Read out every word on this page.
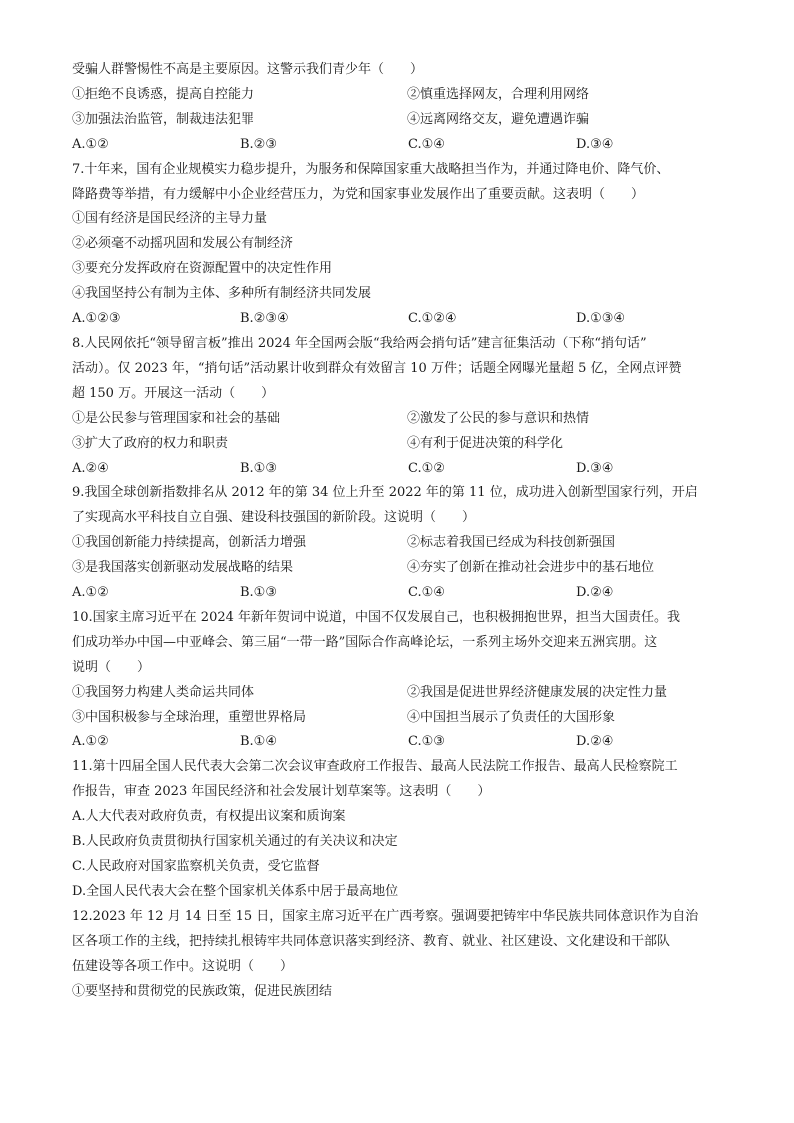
受骗人群警惕性不高是主要原因。这警示我们青少年（　　）
①拒绝不良诱惑，提高自控能力	②慎重选择网友，合理利用网络
③加强法治监管，制裁违法犯罪	④远离网络交友，避免遭遇诈骗
A.①②	B.②③	C.①④	D.③④
7.十年来，国有企业规模实力稳步提升，为服务和保障国家重大战略担当作为，并通过降电价、降气价、
降路费等举措，有力缓解中小企业经营压力，为党和国家事业发展作出了重要贡献。这表明（　　）
①国有经济是国民经济的主导力量
②必须毫不动摇巩固和发展公有制经济
③要充分发挥政府在资源配置中的决定性作用
④我国坚持公有制为主体、多种所有制经济共同发展
A.①②③	B.②③④	C.①②④	D.①③④
8.人民网依托“领导留言板”推出 2024 年全国两会版“我给两会捎句话”建言征集活动（下称“捎句话”
活动）。仅 2023 年，“捎句话”活动累计收到群众有效留言 10 万件；话题全网曝光量超 5 亿，全网点评赞
超 150 万。开展这一活动（　　）
①是公民参与管理国家和社会的基础	②激发了公民的参与意识和热情
③扩大了政府的权力和职责	④有利于促进决策的科学化
A.②④	B.①③	C.①②	D.③④
9.我国全球创新指数排名从 2012 年的第 34 位上升至 2022 年的第 11 位，成功进入创新型国家行列，开启
了实现高水平科技自立自强、建设科技强国的新阶段。这说明（　　）
①我国创新能力持续提高，创新活力增强	②标志着我国已经成为科技创新强国
③是我国落实创新驱动发展战略的结果	④夯实了创新在推动社会进步中的基石地位
A.①②	B.①③	C.①④	D.②④
10.国家主席习近平在 2024 年新年贺词中说道，中国不仅发展自己，也积极拥抱世界，担当大国责任。我
们成功举办中国—中亚峰会、第三届“一带一路”国际合作高峰论坛，一系列主场外交迎来五洲宾朋。这
说明（　　）
①我国努力构建人类命运共同体	②我国是促进世界经济健康发展的决定性力量
③中国积极参与全球治理，重塑世界格局	④中国担当展示了负责任的大国形象
A.①②	B.①④	C.①③	D.②④
11.第十四届全国人民代表大会第二次会议审查政府工作报告、最高人民法院工作报告、最高人民检察院工
作报告，审查 2023 年国民经济和社会发展计划草案等。这表明（　　）
A.人大代表对政府负责，有权提出议案和质询案
B.人民政府负责贯彻执行国家机关通过的有关决议和决定
C.人民政府对国家监察机关负责，受它监督
D.全国人民代表大会在整个国家机关体系中居于最高地位
12.2023 年 12 月 14 日至 15 日，国家主席习近平在广西考察。强调要把铸牢中华民族共同体意识作为自治
区各项工作的主线，把持续扎根铸牢共同体意识落实到经济、教育、就业、社区建设、文化建设和干部队
伍建设等各项工作中。这说明（　　）
①要坚持和贯彻党的民族政策，促进民族团结
